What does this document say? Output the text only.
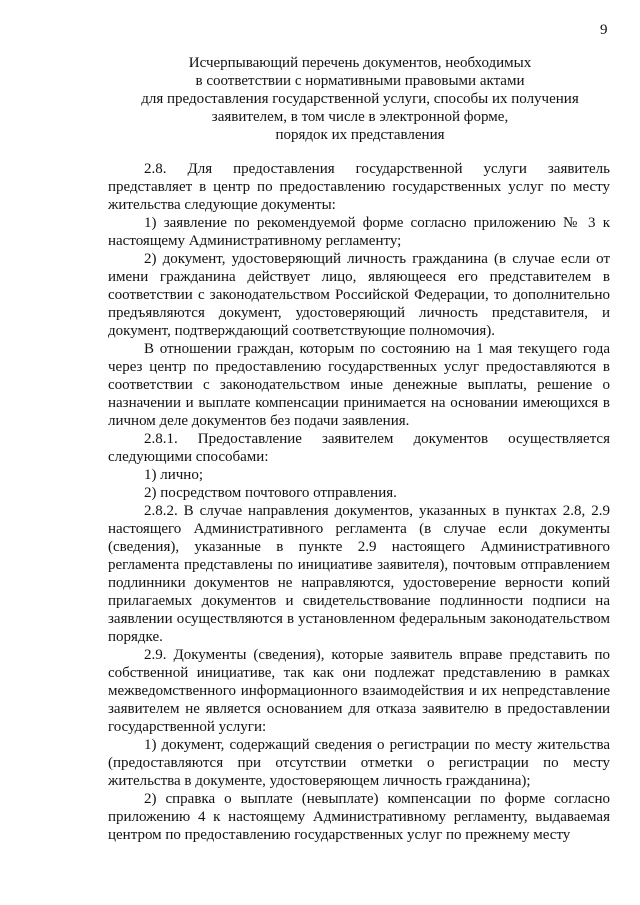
9
Исчерпывающий перечень документов, необходимых
в соответствии с нормативными правовыми актами
для предоставления государственной услуги, способы их получения
заявителем, в том числе в электронной форме,
порядок их представления

2.8. Для предоставления государственной услуги заявитель представляет в центр по предоставлению государственных услуг по месту жительства следующие документы:

1) заявление по рекомендуемой форме согласно приложению № 3 к настоящему Административному регламенту;

2) документ, удостоверяющий личность гражданина (в случае если от имени гражданина действует лицо, являющееся его представителем в соответствии с законодательством Российской Федерации, то дополнительно предъявляются документ, удостоверяющий личность представителя, и документ, подтверждающий соответствующие полномочия).

В отношении граждан, которым по состоянию на 1 мая текущего года через центр по предоставлению государственных услуг предоставляются в соответствии с законодательством иные денежные выплаты, решение о назначении и выплате компенсации принимается на основании имеющихся в личном деле документов без подачи заявления.

2.8.1. Предоставление заявителем документов осуществляется следующими способами:

1) лично;

2) посредством почтового отправления.

2.8.2. В случае направления документов, указанных в пунктах 2.8, 2.9 настоящего Административного регламента (в случае если документы (сведения), указанные в пункте 2.9 настоящего Административного регламента представлены по инициативе заявителя), почтовым отправлением подлинники документов не направляются, удостоверение верности копий прилагаемых документов и свидетельствование подлинности подписи на заявлении осуществляются в установленном федеральным законодательством порядке.

2.9. Документы (сведения), которые заявитель вправе представить по собственной инициативе, так как они подлежат представлению в рамках межведомственного информационного взаимодействия и их непредставление заявителем не является основанием для отказа заявителю в предоставлении государственной услуги:

1) документ, содержащий сведения о регистрации по месту жительства (предоставляются при отсутствии отметки о регистрации по месту жительства в документе, удостоверяющем личность гражданина);

2) справка о выплате (невыплате) компенсации по форме согласно приложению 4 к настоящему Административному регламенту, выдаваемая центром по предоставлению государственных услуг по прежнему месту
